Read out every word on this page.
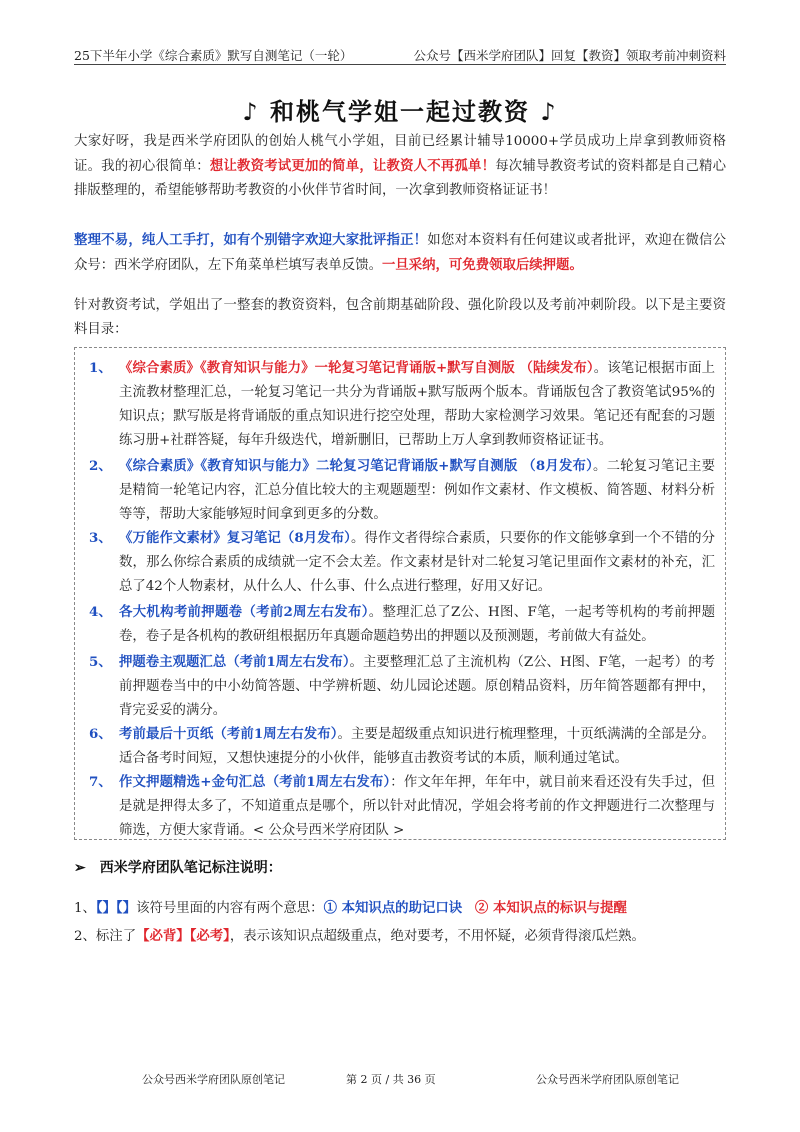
25下半年小学《综合素质》默写自测笔记（一轮）	公众号【西米学府团队】回复【教资】领取考前冲刺资料
♪ 和桃气学姐一起过教资 ♪
大家好呀，我是西米学府团队的创始人桃气小学姐，目前已经累计辅导10000+学员成功上岸拿到教师资格证。我的初心很简单：想让教资考试更加的简单，让教资人不再孤单！每次辅导教资考试的资料都是自己精心排版整理的，希望能够帮助考教资的小伙伴节省时间，一次拿到教师资格证证书！
整理不易，纯人工手打，如有个别错字欢迎大家批评指正！如您对本资料有任何建议或者批评，欢迎在微信公众号：西米学府团队，左下角菜单栏填写表单反馈。一旦采纳，可免费领取后续押题。
针对教资考试，学姐出了一整套的教资资料，包含前期基础阶段、强化阶段以及考前冲刺阶段。以下是主要资料目录：
1、 《综合素质》《教育知识与能力》一轮复习笔记背诵版+默写自测版 （陆续发布）。该笔记根据市面上主流教材整理汇总，一轮复习笔记一共分为背诵版+默写版两个版本。背诵版包含了教资笔试95%的知识点；默写版是将背诵版的重点知识进行挖空处理，帮助大家检测学习效果。笔记还有配套的习题练习册+社群答疑，每年升级迭代，增新删旧，已帮助上万人拿到教师资格证证书。
2、 《综合素质》《教育知识与能力》二轮复习笔记背诵版+默写自测版 （8月发布）。二轮复习笔记主要是精简一轮笔记内容，汇总分值比较大的主观题题型：例如作文素材、作文模板、简答题、材料分析等等，帮助大家能够短时间拿到更多的分数。
3、 《万能作文素材》复习笔记（8月发布）。得作文者得综合素质，只要你的作文能够拿到一个不错的分数，那么你综合素质的成绩就一定不会太差。作文素材是针对二轮复习笔记里面作文素材的补充，汇总了42个人物素材，从什么人、什么事、什么点进行整理，好用又好记。
4、 各大机构考前押题卷（考前2周左右发布）。整理汇总了Z公、H图、F笔，一起考等机构的考前押题卷，卷子是各机构的教研组根据历年真题命题趋势出的押题以及预测题，考前做大有益处。
5、 押题卷主观题汇总（考前1周左右发布）。主要整理汇总了主流机构（Z公、H图、F笔，一起考）的考前押题卷当中的中小幼简答题、中学辨析题、幼儿园论述题。原创精品资料，历年简答题都有押中，背完妥妥的满分。
6、 考前最后十页纸（考前1周左右发布）。主要是超级重点知识进行梳理整理，十页纸满满的全部是分。适合备考时间短，又想快速提分的小伙伴，能够直击教资考试的本质，顺利通过笔试。
7、 作文押题精选+金句汇总（考前1周左右发布）：作文年年押，年年中，就目前来看还没有失手过，但是就是押得太多了，不知道重点是哪个，所以针对此情况，学姐会将考前的作文押题进行二次整理与筛选，方便大家背诵。< 公众号西米学府团队 >
➢ 西米学府团队笔记标注说明：
1、【】【】该符号里面的内容有两个意思：① 本知识点的助记口诀 ② 本知识点的标识与提醒
2、标注了【必背】【必考】，表示该知识点超级重点，绝对要考，不用怀疑，必须背得滚瓜烂熟。
公众号西米学府团队原创笔记	第 2 页 / 共 36 页	公众号西米学府团队原创笔记
